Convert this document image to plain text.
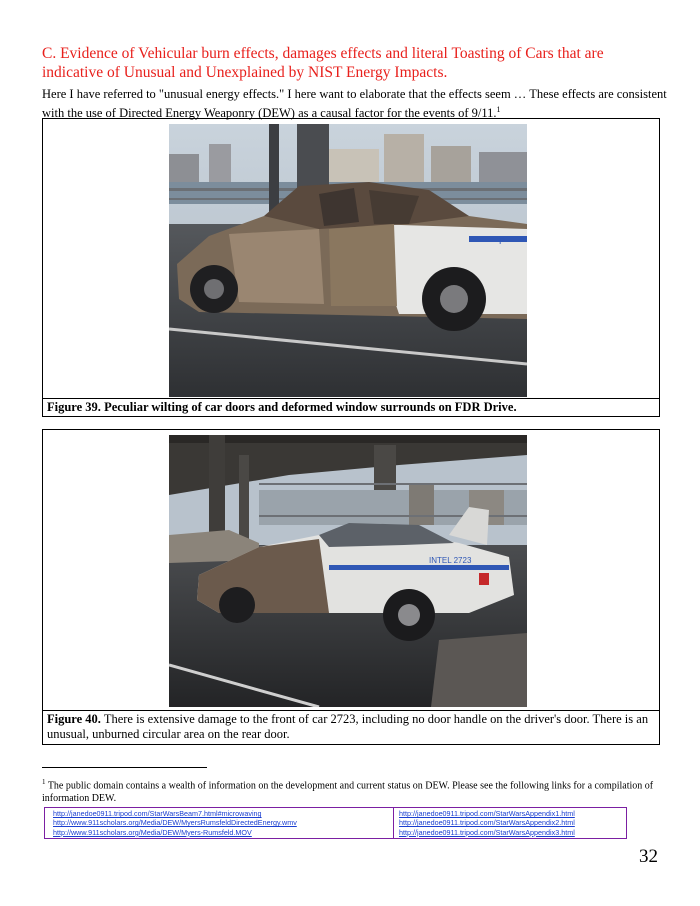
C. Evidence of Vehicular burn effects, damages effects and literal Toasting of Cars that are indicative of Unusual and Unexplained by NIST Energy Impacts.
Here I have referred to "unusual energy effects." I here want to elaborate that the effects seem … These effects are consistent with the use of Directed Energy Weaponry (DEW) as a causal factor for the events of 9/11.$^1$
P
Figure 39. Peculiar wilting of car doors and deformed window surrounds on FDR Drive.
INTEL 2723
Figure 40. There is extensive damage to the front of car 2723, including no door handle on the driver's door. There is an unusual, unburned circular area on the rear door.
$^1$ The public domain contains a wealth of information on the development and current status on DEW. Please see the following links for a compilation of information DEW.
http://janedoe0911.tripod.com/StarWarsBeam7.html#microwaving
http://www.911scholars.org/Media/DEW/MyersRumsfeldDirectedEnergy.wmv
http://www.911scholars.org/Media/DEW/Myers-Rumsfeld.MOV
http://janedoe0911.tripod.com/StarWarsAppendix1.html
http://janedoe0911.tripod.com/StarWarsAppendix2.html
http://janedoe0911.tripod.com/StarWarsAppendix3.html
32
